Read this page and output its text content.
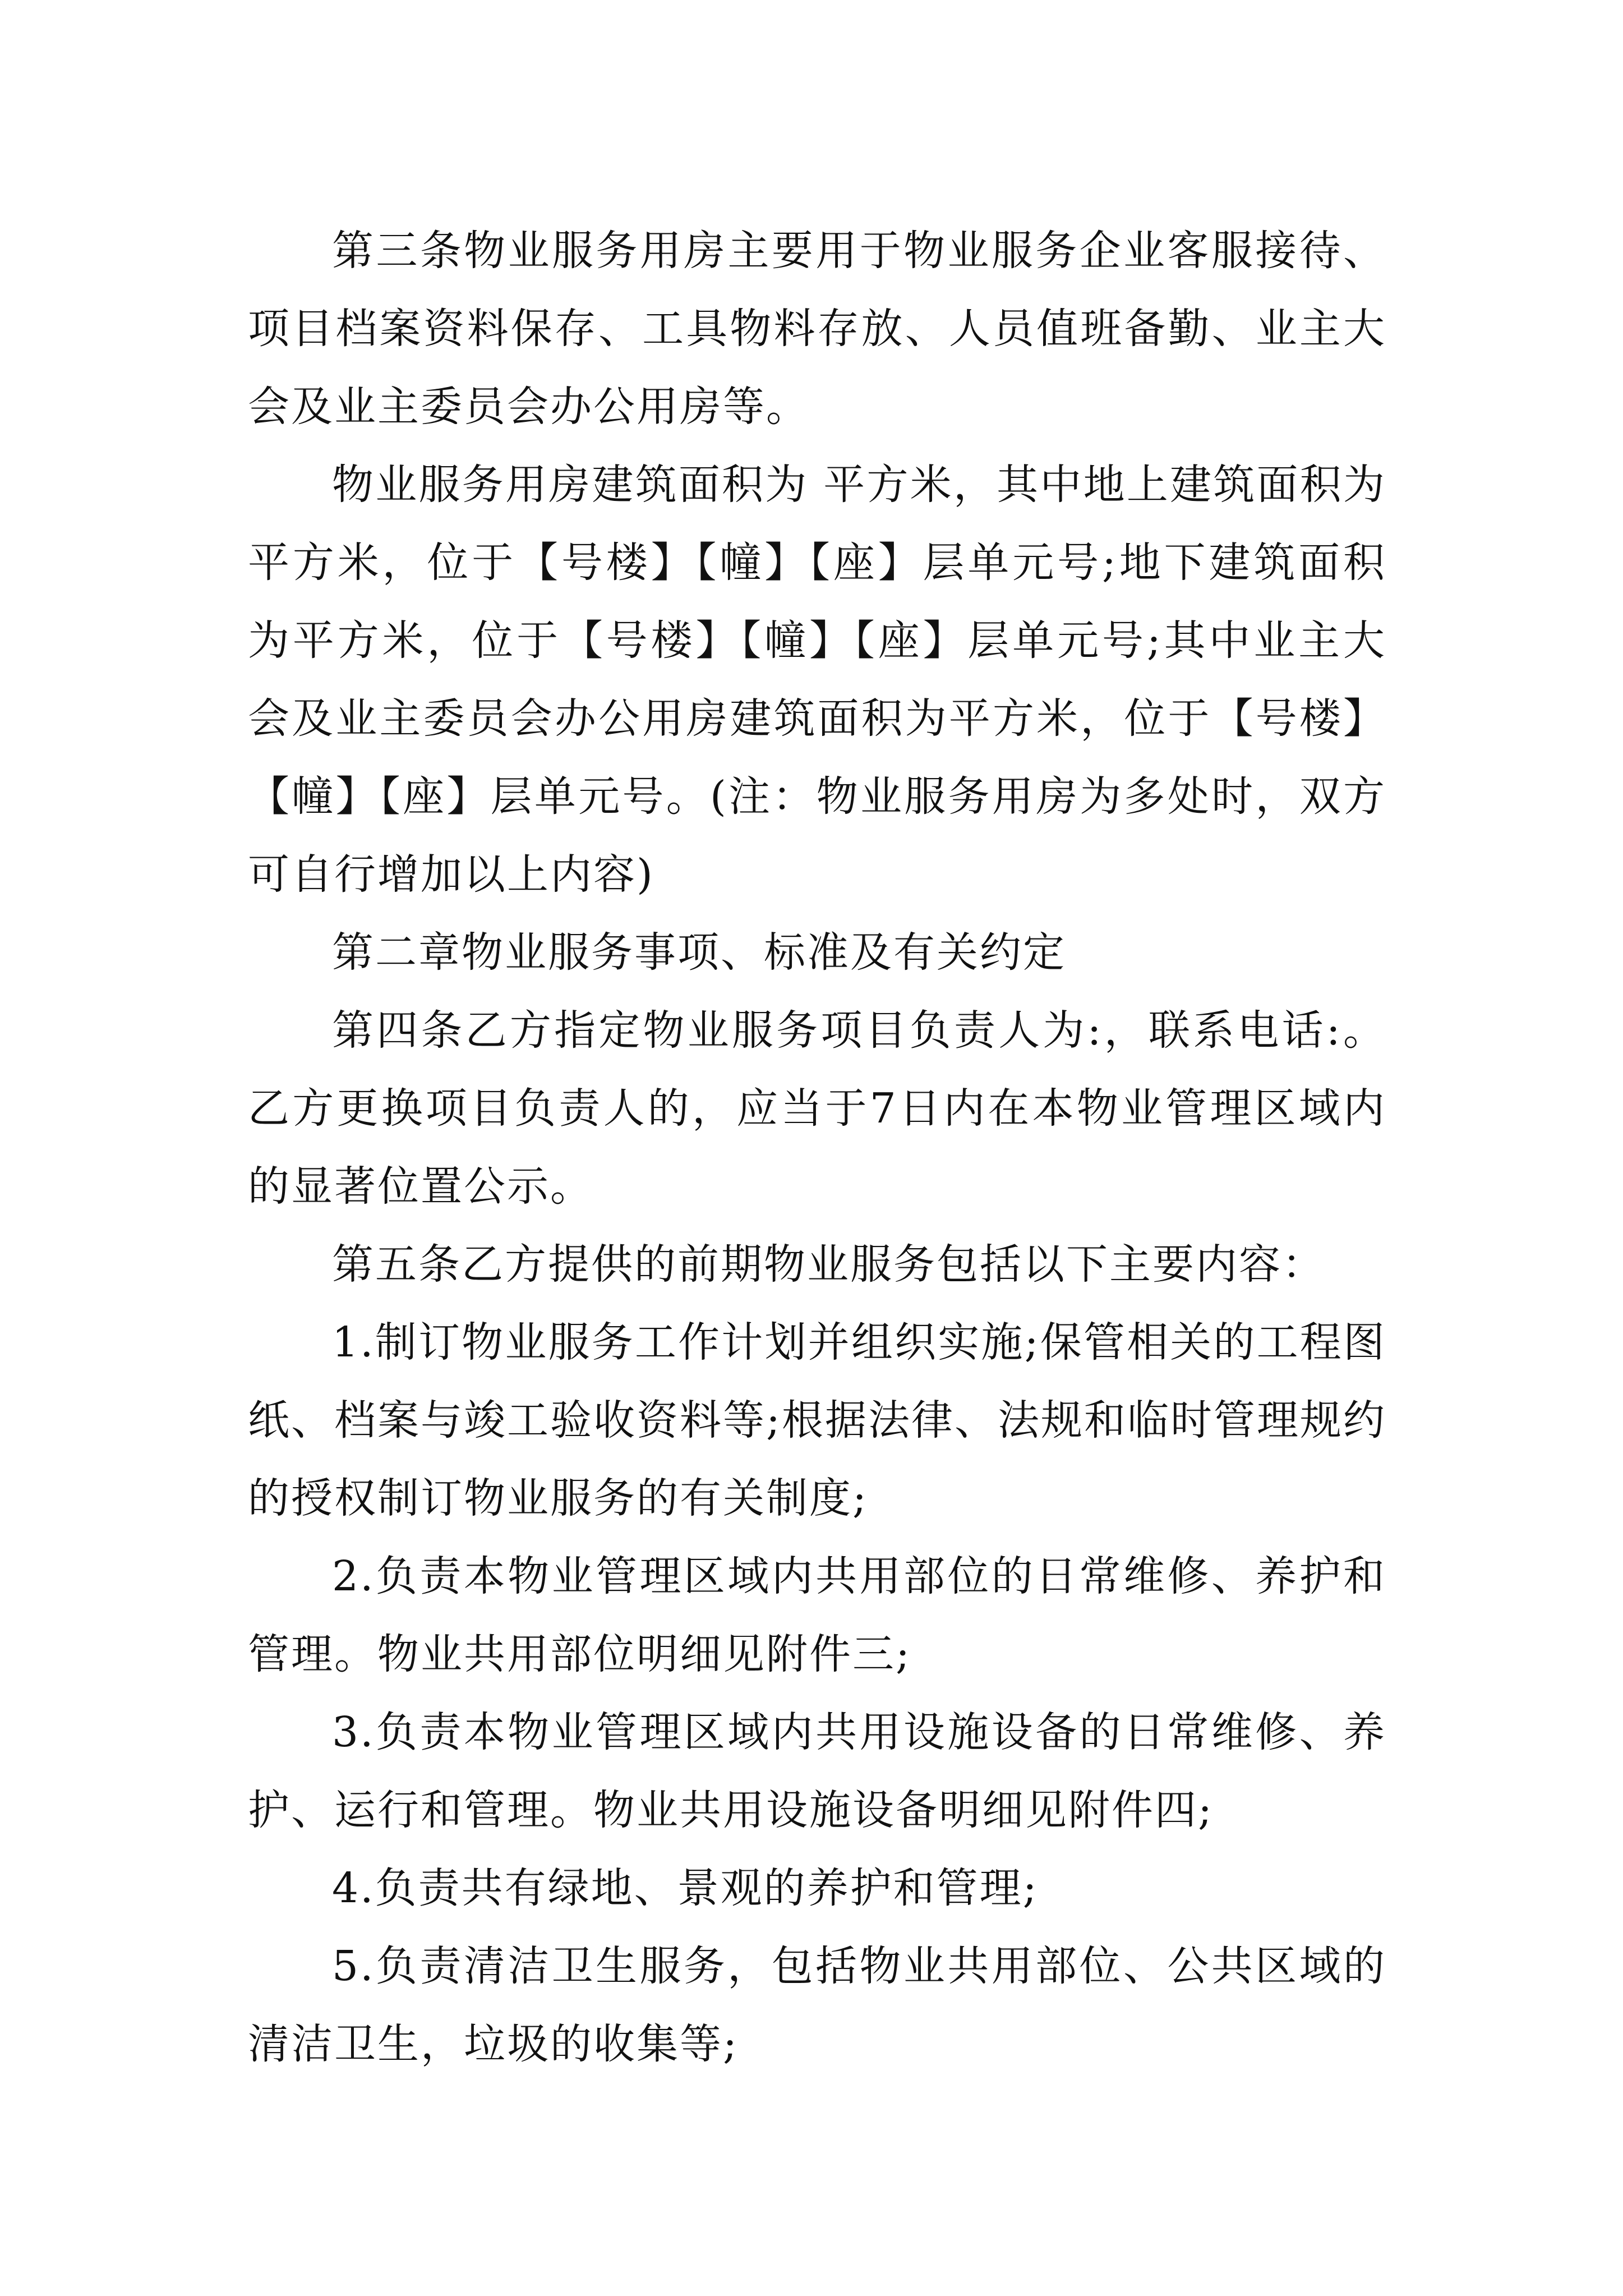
第三条物业服务用房主要用于物业服务企业客服接待、项目档案资料保存、工具物料存放、人员值班备勤、业主大会及业主委员会办公用房等。

物业服务用房建筑面积为 平方米，其中地上建筑面积为平方米，位于【号楼】【幢】【座】层单元号;地下建筑面积为平方米，位于【号楼】【幢】【座】层单元号;其中业主大会及业主委员会办公用房建筑面积为平方米，位于【号楼】【幢】【座】层单元号。(注：物业服务用房为多处时，双方可自行增加以上内容)

第二章物业服务事项、标准及有关约定

第四条乙方指定物业服务项目负责人为:，联系电话:。乙方更换项目负责人的，应当于7日内在本物业管理区域内的显著位置公示。

第五条乙方提供的前期物业服务包括以下主要内容：

1.制订物业服务工作计划并组织实施;保管相关的工程图纸、档案与竣工验收资料等;根据法律、法规和临时管理规约的授权制订物业服务的有关制度;

2.负责本物业管理区域内共用部位的日常维修、养护和管理。物业共用部位明细见附件三;

3.负责本物业管理区域内共用设施设备的日常维修、养护、运行和管理。物业共用设施设备明细见附件四;

4.负责共有绿地、景观的养护和管理;

5.负责清洁卫生服务，包括物业共用部位、公共区域的清洁卫生，垃圾的收集等;
